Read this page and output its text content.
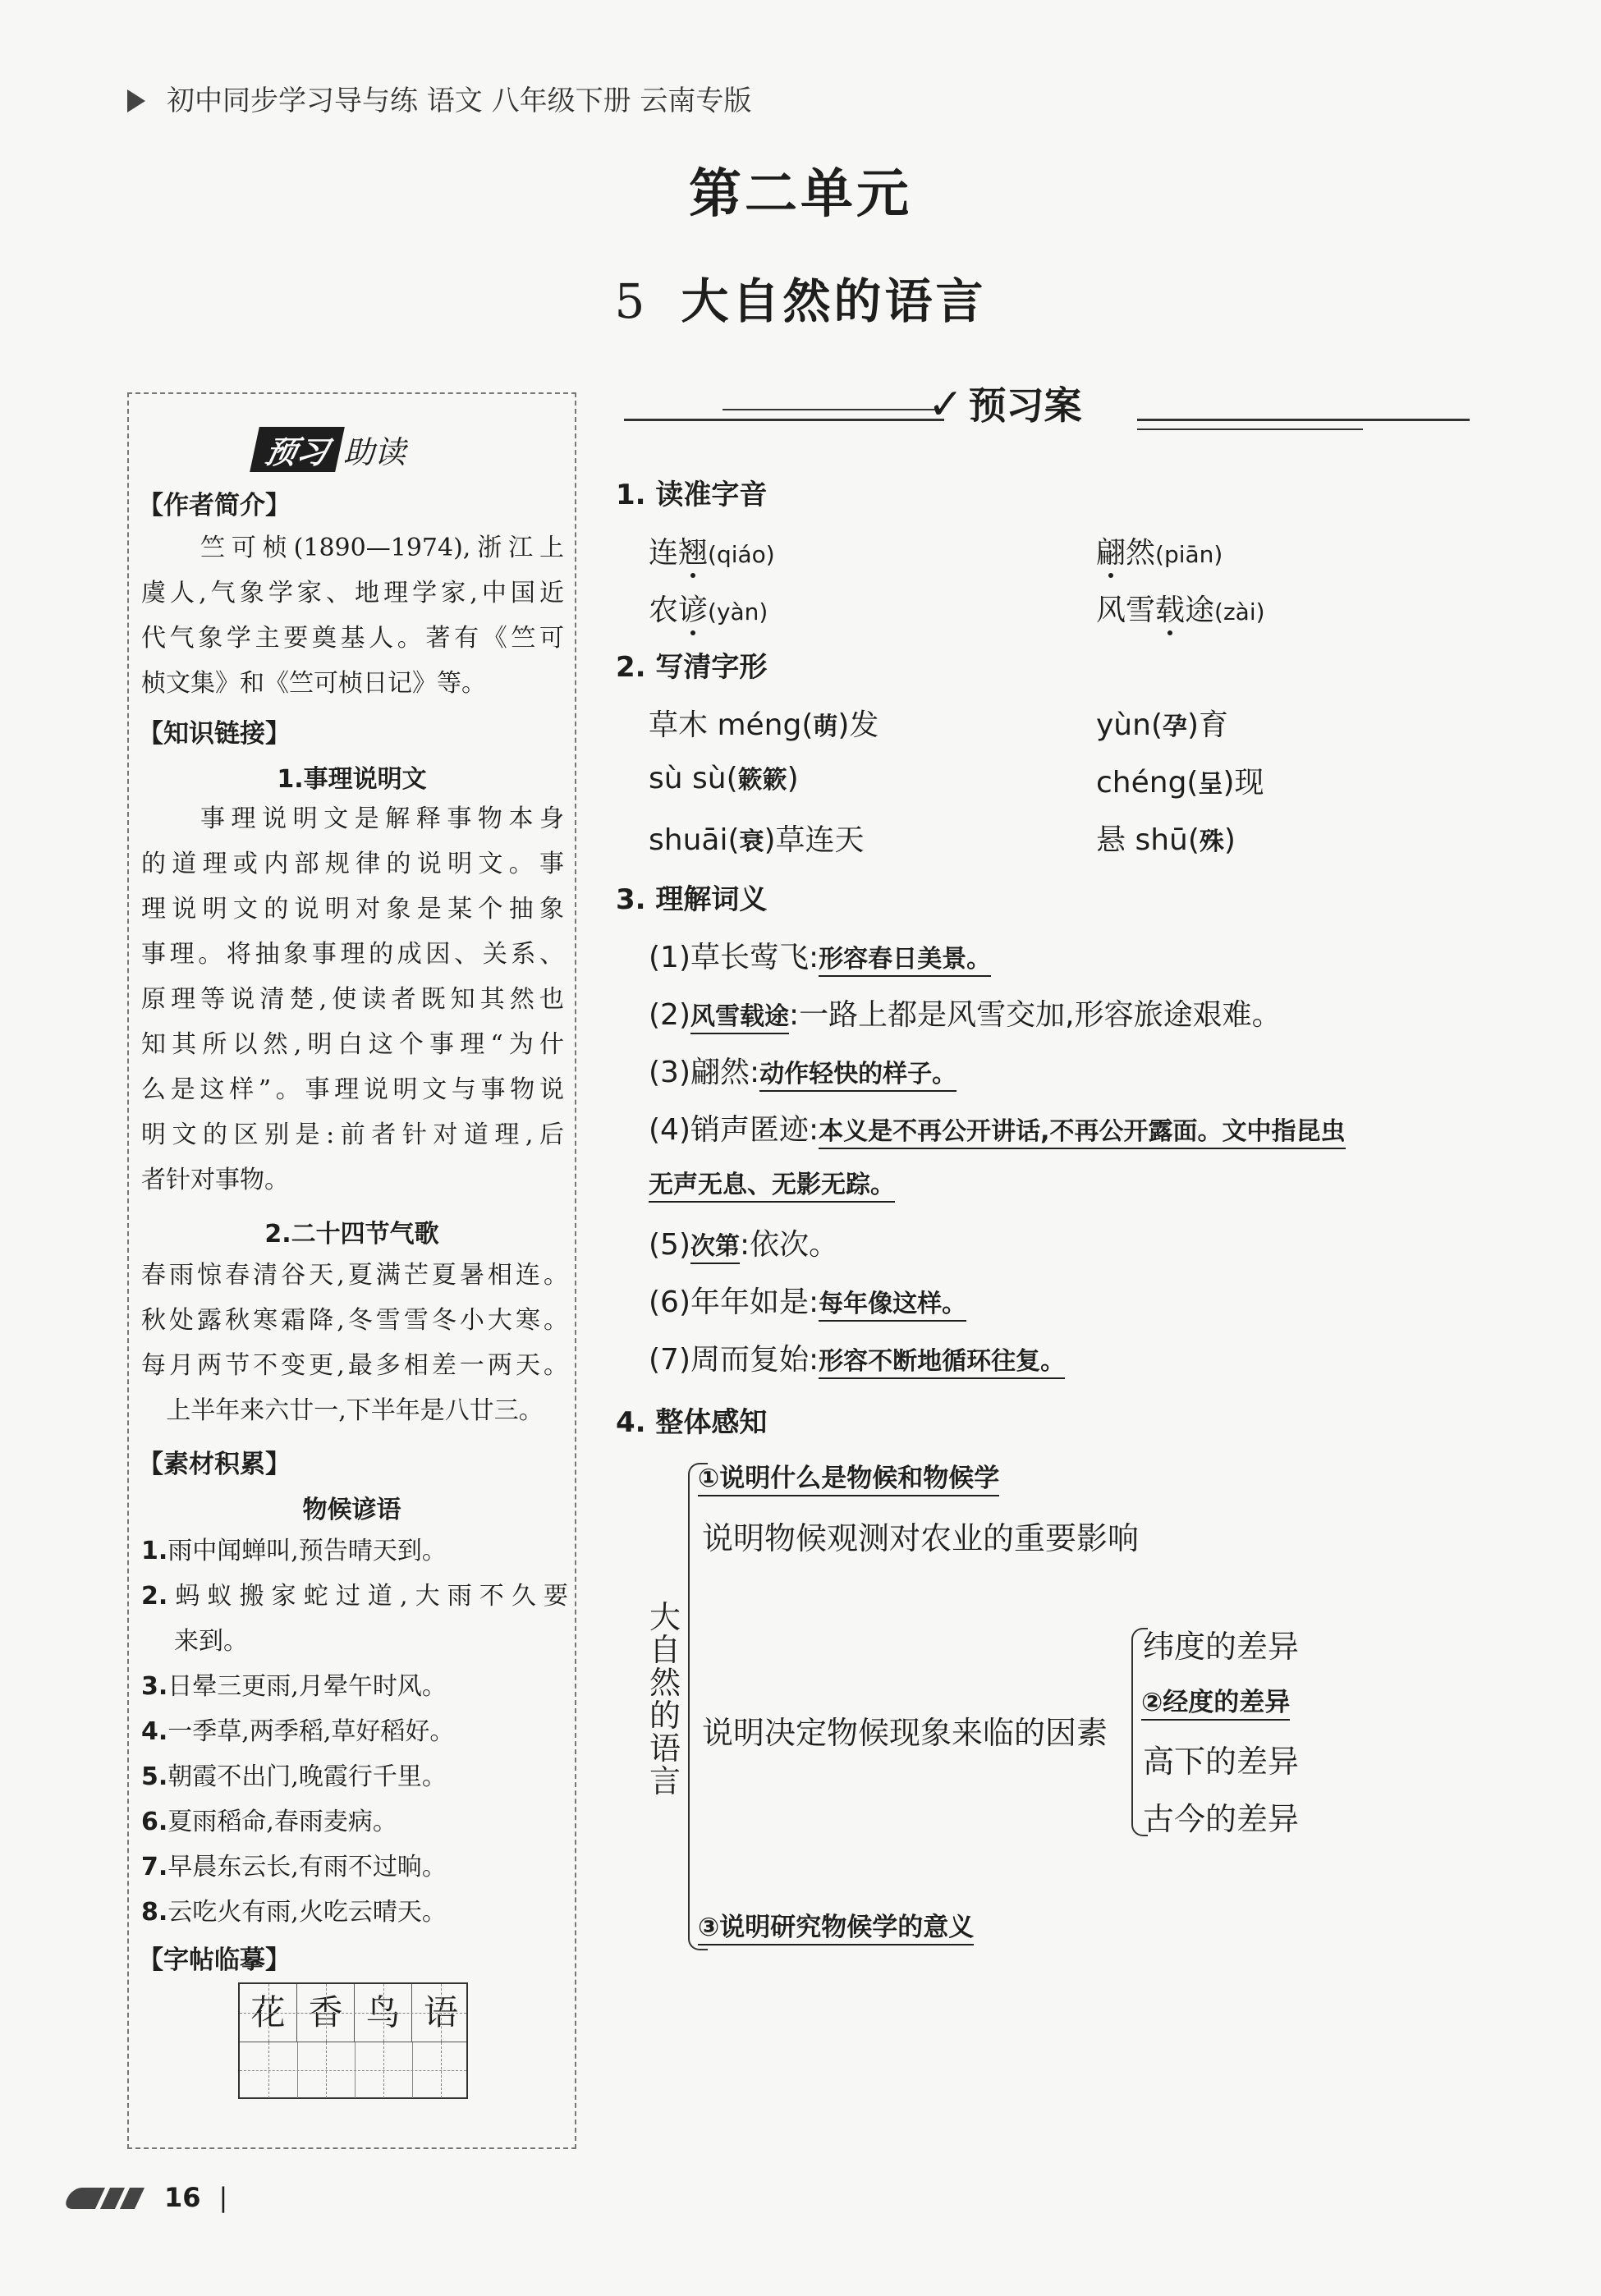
初中同步学习导与练 语文 八年级下册 云南专版
第二单元
5 大自然的语言
预习 助读
【作者简介】
竺可桢(1890—1974),浙江上
虞人,气象学家、地理学家,中国近
代气象学主要奠基人。著有《竺可
桢文集》和《竺可桢日记》等。
【知识链接】
1.事理说明文
事理说明文是解释事物本身
的道理或内部规律的说明文。事
理说明文的说明对象是某个抽象
事理。将抽象事理的成因、关系、
原理等说清楚,使读者既知其然也
知其所以然,明白这个事理“为什
么是这样”。事理说明文与事物说
明文的区别是:前者针对道理,后
者针对事物。
2.二十四节气歌
春雨惊春清谷天,夏满芒夏暑相连。
秋处露秋寒霜降,冬雪雪冬小大寒。
每月两节不变更,最多相差一两天。
上半年来六廿一,下半年是八廿三。
【素材积累】
物候谚语
1.雨中闻蝉叫,预告晴天到。
2.蚂蚁搬家蛇过道,大雨不久要
来到。
3.日晕三更雨,月晕午时风。
4.一季草,两季稻,草好稻好。
5.朝霞不出门,晚霞行千里。
6.夏雨稻命,春雨麦病。
7.早晨东云长,有雨不过晌。
8.云吃火有雨,火吃云晴天。
【字帖临摹】
花 香 鸟 语
✓ 预习案
1. 读准字音
连翘(qiáo)	翩然(piān)
农谚(yàn)	风雪载途(zài)
2. 写清字形
草木 méng(萌)发	yùn(孕)育
sù sù(簌簌)	chéng(呈)现
shuāi(衰)草连天	悬 shū(殊)
3. 理解词义
(1)草长莺飞:形容春日美景。
(2)风雪载途:一路上都是风雪交加,形容旅途艰难。
(3)翩然:动作轻快的样子。
(4)销声匿迹:本义是不再公开讲话,不再公开露面。文中指昆虫
无声无息、无影无踪。
(5)次第:依次。
(6)年年如是:每年像这样。
(7)周而复始:形容不断地循环往复。
4. 整体感知
大自然的语言
①说明什么是物候和物候学
说明物候观测对农业的重要影响
说明决定物候现象来临的因素
纬度的差异
②经度的差异
高下的差异
古今的差异
③说明研究物候学的意义
16 |
